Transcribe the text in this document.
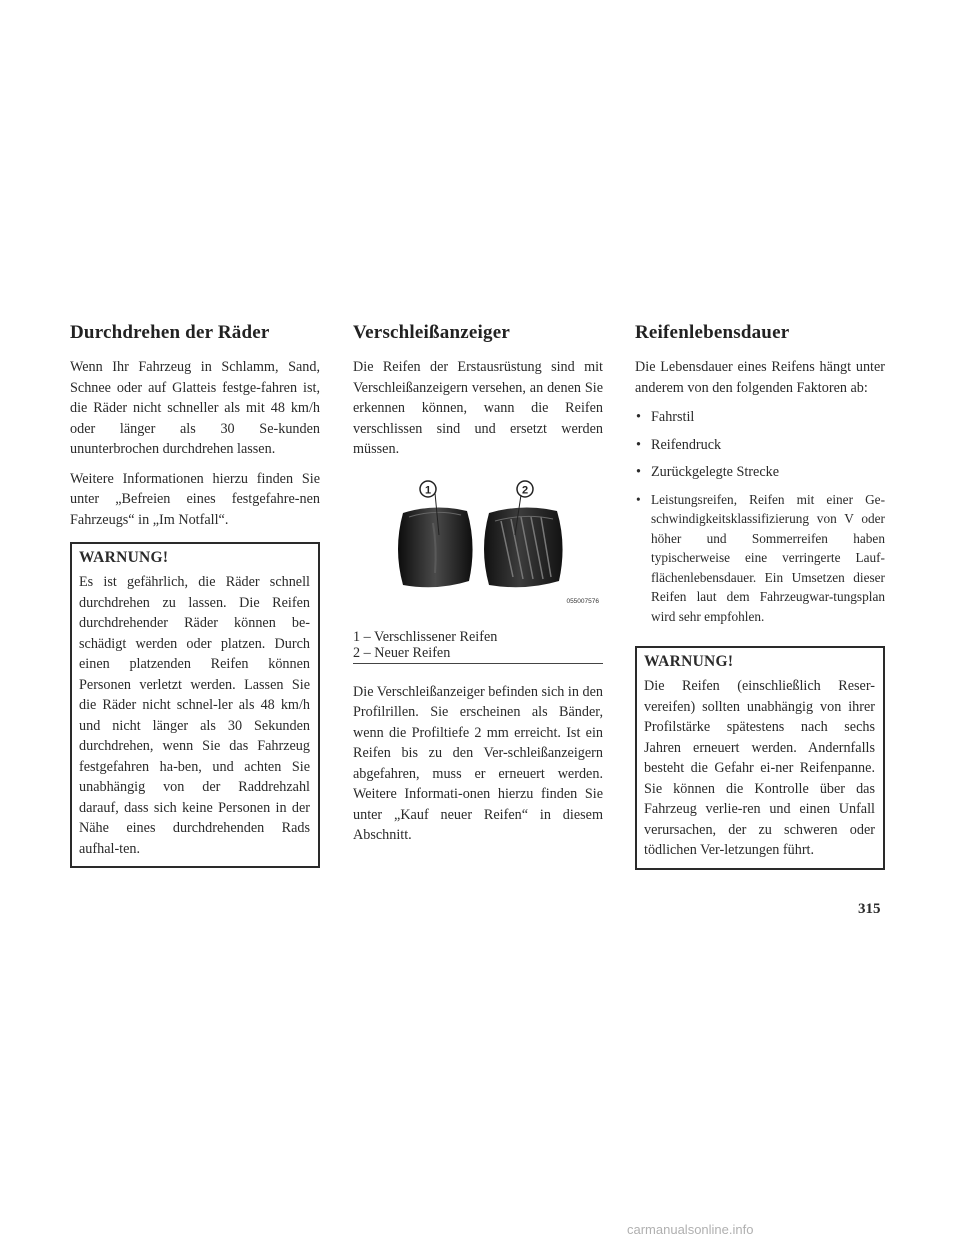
Durchdrehen der Räder

Wenn Ihr Fahrzeug in Schlamm, Sand, Schnee oder auf Glatteis festge-fahren ist, die Räder nicht schneller als mit 48 km/h oder länger als 30 Se-kunden ununterbrochen durchdrehen lassen.

Weitere Informationen hierzu finden Sie unter „Befreien eines festgefahre-nen Fahrzeugs“ in „Im Notfall“.

WARNUNG!

Es ist gefährlich, die Räder schnell durchdrehen zu lassen. Die Reifen durchdrehender Räder können be-schädigt werden oder platzen. Durch einen platzenden Reifen können Personen verletzt werden. Lassen Sie die Räder nicht schnel-ler als 48 km/h und nicht länger als 30 Sekunden durchdrehen, wenn Sie das Fahrzeug festgefahren ha-ben, und achten Sie unabhängig von der Raddrehzahl darauf, dass sich keine Personen in der Nähe eines durchdrehenden Rads aufhal-ten.

Verschleißanzeiger

Die Reifen der Erstausrüstung sind mit Verschleißanzeigern versehen, an denen Sie erkennen können, wann die Reifen verschlissen sind und ersetzt werden müssen.

1	2
055007576
1 – Verschlissener Reifen
2 – Neuer Reifen

Die Verschleißanzeiger befinden sich in den Profilrillen. Sie erscheinen als Bänder, wenn die Profiltiefe 2 mm erreicht. Ist ein Reifen bis zu den Ver-schleißanzeigern abgefahren, muss er erneuert werden. Weitere Informati-onen hierzu finden Sie unter „Kauf neuer Reifen“ in diesem Abschnitt.

Reifenlebensdauer

Die Lebensdauer eines Reifens hängt unter anderem von den folgenden Faktoren ab:

• Fahrstil
• Reifendruck
• Zurückgelegte Strecke
• Leistungsreifen, Reifen mit einer Ge-schwindigkeitsklassifizierung von V oder höher und Sommerreifen haben typischerweise eine verringerte Lauf-flächenlebensdauer. Ein Umsetzen dieser Reifen laut dem Fahrzeugwar-tungsplan wird sehr empfohlen.
WARNUNG!

Die Reifen (einschließlich Reser-vereifen) sollten unabhängig von ihrer Profilstärke spätestens nach sechs Jahren erneuert werden. Andernfalls besteht die Gefahr ei-ner Reifenpanne. Sie können die Kontrolle über das Fahrzeug verlie-ren und einen Unfall verursachen, der zu schweren oder tödlichen Ver-letzungen führt.

315
carmanualsonline.info
